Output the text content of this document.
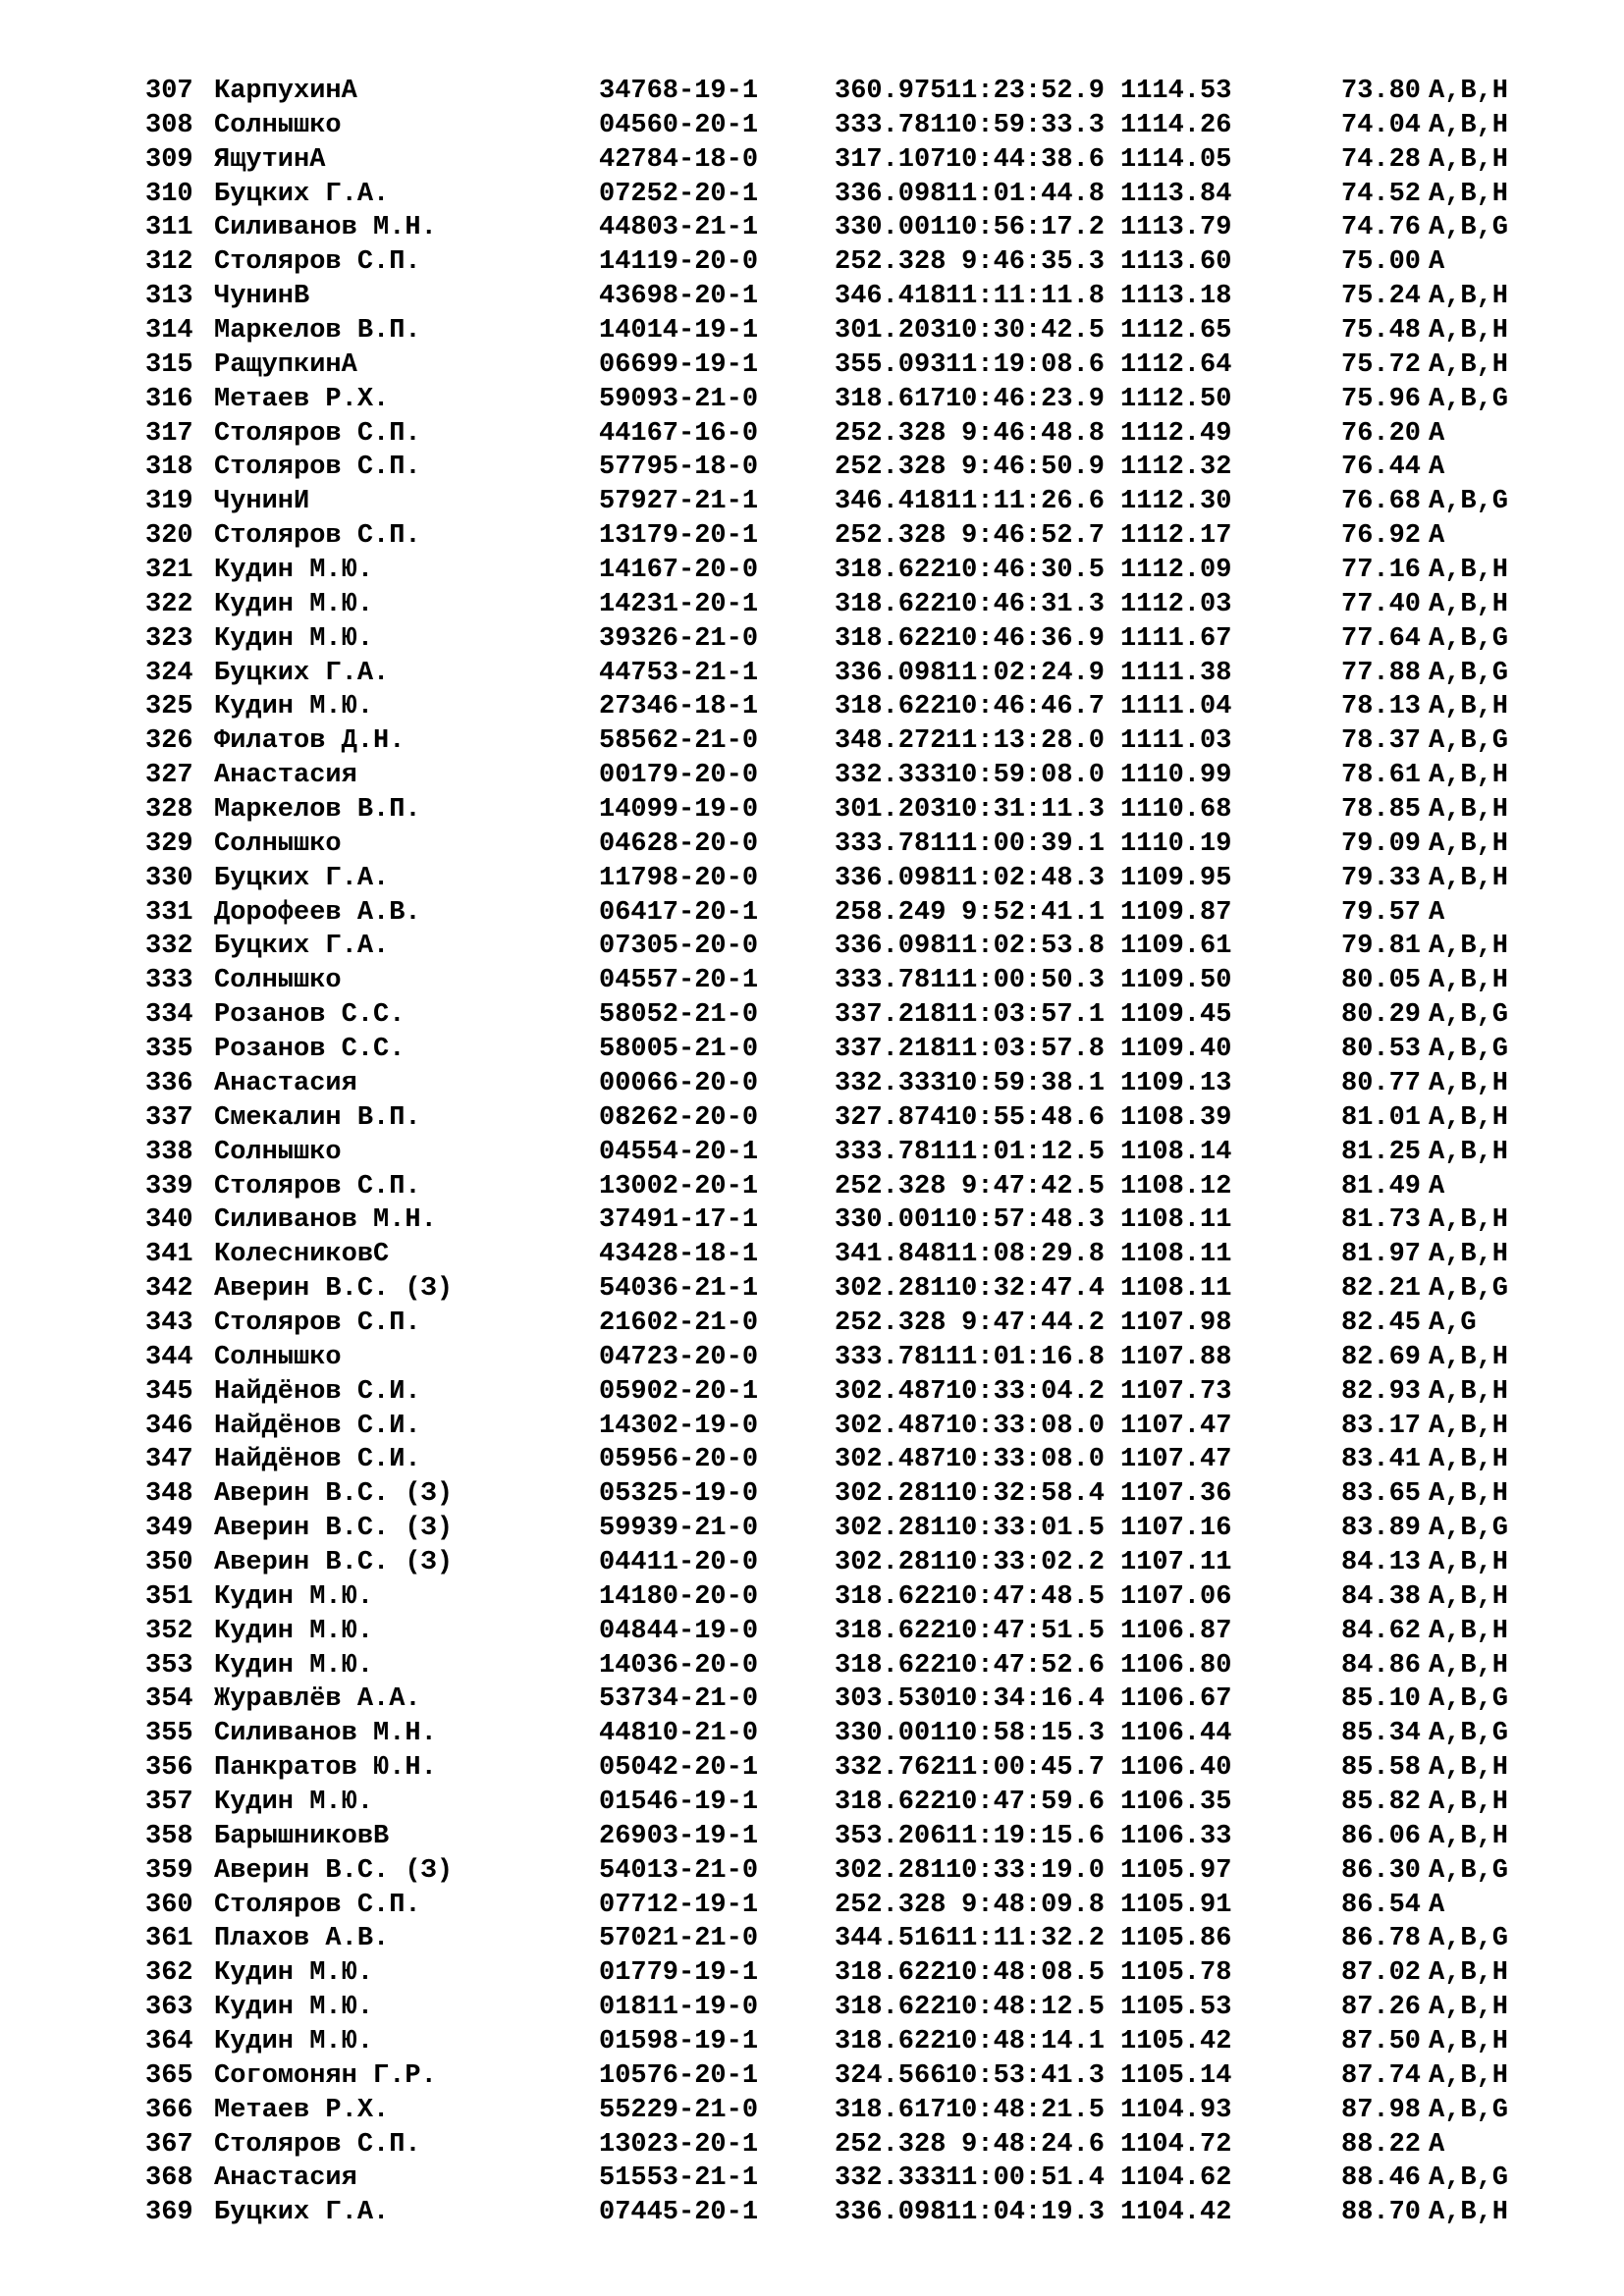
307 КарпухинА	34768-19-1	360.975 11:23:52.9 1114.53	73.80 A,B,H
308 Солнышко	04560-20-1	333.781 10:59:33.3 1114.26	74.04 A,B,H
309 ЯщутинА	42784-18-0	317.107 10:44:38.6 1114.05	74.28 A,B,H
310 Буцких Г.А.	07252-20-1	336.098 11:01:44.8 1113.84	74.52 A,B,H
311 Силиванов М.Н.	44803-21-1	330.001 10:56:17.2 1113.79	74.76 A,B,G
312 Столяров С.П.	14119-20-0	252.328 9:46:35.3 1113.60	75.00 A
313 ЧунинВ	43698-20-1	346.418 11:11:11.8 1113.18	75.24 A,B,H
314 Маркелов В.П.	14014-19-1	301.203 10:30:42.5 1112.65	75.48 A,B,H
315 РащупкинА	06699-19-1	355.093 11:19:08.6 1112.64	75.72 A,B,H
316 Метаев Р.Х.	59093-21-0	318.617 10:46:23.9 1112.50	75.96 A,B,G
317 Столяров С.П.	44167-16-0	252.328 9:46:48.8 1112.49	76.20 A
318 Столяров С.П.	57795-18-0	252.328 9:46:50.9 1112.32	76.44 A
319 ЧунинИ	57927-21-1	346.418 11:11:26.6 1112.30	76.68 A,B,G
320 Столяров С.П.	13179-20-1	252.328 9:46:52.7 1112.17	76.92 A
321 Кудин М.Ю.	14167-20-0	318.622 10:46:30.5 1112.09	77.16 A,B,H
322 Кудин М.Ю.	14231-20-1	318.622 10:46:31.3 1112.03	77.40 A,B,H
323 Кудин М.Ю.	39326-21-0	318.622 10:46:36.9 1111.67	77.64 A,B,G
324 Буцких Г.А.	44753-21-1	336.098 11:02:24.9 1111.38	77.88 A,B,G
325 Кудин М.Ю.	27346-18-1	318.622 10:46:46.7 1111.04	78.13 A,B,H
326 Филатов Д.Н.	58562-21-0	348.272 11:13:28.0 1111.03	78.37 A,B,G
327 Анастасия	00179-20-0	332.333 10:59:08.0 1110.99	78.61 A,B,H
328 Маркелов В.П.	14099-19-0	301.203 10:31:11.3 1110.68	78.85 A,B,H
329 Солнышко	04628-20-0	333.781 11:00:39.1 1110.19	79.09 A,B,H
330 Буцких Г.А.	11798-20-0	336.098 11:02:48.3 1109.95	79.33 A,B,H
331 Дорофеев А.В.	06417-20-1	258.249 9:52:41.1 1109.87	79.57 A
332 Буцких Г.А.	07305-20-0	336.098 11:02:53.8 1109.61	79.81 A,B,H
333 Солнышко	04557-20-1	333.781 11:00:50.3 1109.50	80.05 A,B,H
334 Розанов С.С.	58052-21-0	337.218 11:03:57.1 1109.45	80.29 A,B,G
335 Розанов С.С.	58005-21-0	337.218 11:03:57.8 1109.40	80.53 A,B,G
336 Анастасия	00066-20-0	332.333 10:59:38.1 1109.13	80.77 A,B,H
337 Смекалин В.П.	08262-20-0	327.874 10:55:48.6 1108.39	81.01 A,B,H
338 Солнышко	04554-20-1	333.781 11:01:12.5 1108.14	81.25 A,B,H
339 Столяров С.П.	13002-20-1	252.328 9:47:42.5 1108.12	81.49 A
340 Силиванов М.Н.	37491-17-1	330.001 10:57:48.3 1108.11	81.73 A,B,H
341 КолесниковС	43428-18-1	341.848 11:08:29.8 1108.11	81.97 A,B,H
342 Аверин В.С. (З)	54036-21-1	302.281 10:32:47.4 1108.11	82.21 A,B,G
343 Столяров С.П.	21602-21-0	252.328 9:47:44.2 1107.98	82.45 A,G
344 Солнышко	04723-20-0	333.781 11:01:16.8 1107.88	82.69 A,B,H
345 Найдёнов С.И.	05902-20-1	302.487 10:33:04.2 1107.73	82.93 A,B,H
346 Найдёнов С.И.	14302-19-0	302.487 10:33:08.0 1107.47	83.17 A,B,H
347 Найдёнов С.И.	05956-20-0	302.487 10:33:08.0 1107.47	83.41 A,B,H
348 Аверин В.С. (З)	05325-19-0	302.281 10:32:58.4 1107.36	83.65 A,B,H
349 Аверин В.С. (З)	59939-21-0	302.281 10:33:01.5 1107.16	83.89 A,B,G
350 Аверин В.С. (З)	04411-20-0	302.281 10:33:02.2 1107.11	84.13 A,B,H
351 Кудин М.Ю.	14180-20-0	318.622 10:47:48.5 1107.06	84.38 A,B,H
352 Кудин М.Ю.	04844-19-0	318.622 10:47:51.5 1106.87	84.62 A,B,H
353 Кудин М.Ю.	14036-20-0	318.622 10:47:52.6 1106.80	84.86 A,B,H
354 Журавлёв А.А.	53734-21-0	303.530 10:34:16.4 1106.67	85.10 A,B,G
355 Силиванов М.Н.	44810-21-0	330.001 10:58:15.3 1106.44	85.34 A,B,G
356 Панкратов Ю.Н.	05042-20-1	332.762 11:00:45.7 1106.40	85.58 A,B,H
357 Кудин М.Ю.	01546-19-1	318.622 10:47:59.6 1106.35	85.82 A,B,H
358 БарышниковВ	26903-19-1	353.206 11:19:15.6 1106.33	86.06 A,B,H
359 Аверин В.С. (З)	54013-21-0	302.281 10:33:19.0 1105.97	86.30 A,B,G
360 Столяров С.П.	07712-19-1	252.328 9:48:09.8 1105.91	86.54 A
361 Плахов А.В.	57021-21-0	344.516 11:11:32.2 1105.86	86.78 A,B,G
362 Кудин М.Ю.	01779-19-1	318.622 10:48:08.5 1105.78	87.02 A,B,H
363 Кудин М.Ю.	01811-19-0	318.622 10:48:12.5 1105.53	87.26 A,B,H
364 Кудин М.Ю.	01598-19-1	318.622 10:48:14.1 1105.42	87.50 A,B,H
365 Согомонян Г.Р.	10576-20-1	324.566 10:53:41.3 1105.14	87.74 A,B,H
366 Метаев Р.Х.	55229-21-0	318.617 10:48:21.5 1104.93	87.98 A,B,G
367 Столяров С.П.	13023-20-1	252.328 9:48:24.6 1104.72	88.22 A
368 Анастасия	51553-21-1	332.333 11:00:51.4 1104.62	88.46 A,B,G
369 Буцких Г.А.	07445-20-1	336.098 11:04:19.3 1104.42	88.70 A,B,H
